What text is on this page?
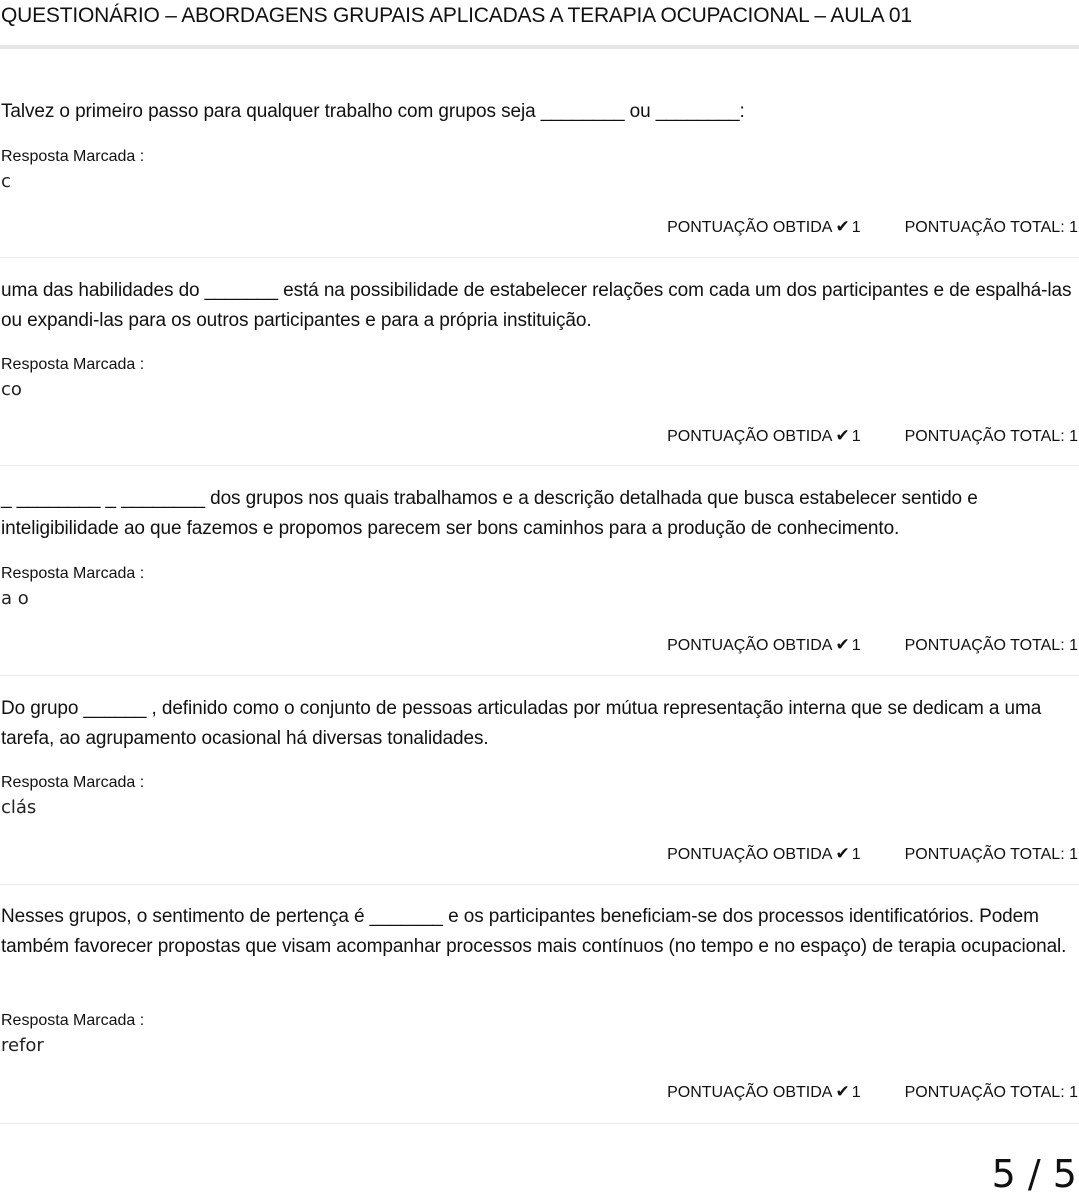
QUESTIONÁRIO – ABORDAGENS GRUPAIS APLICADAS A TERAPIA OCUPACIONAL – AULA 01
Talvez o primeiro passo para qualquer trabalho com grupos seja ________ ou ________:
Resposta Marcada :
c
PONTUAÇÃO OBTIDA ✔ 1	PONTUAÇÃO TOTAL: 1
uma das habilidades do _______ está na possibilidade de estabelecer relações com cada um dos participantes e de espalhá-las ou expandi-las para os outros participantes e para a própria instituição.
Resposta Marcada :
co
PONTUAÇÃO OBTIDA ✔ 1	PONTUAÇÃO TOTAL: 1
_ ________ _ ________ dos grupos nos quais trabalhamos e a descrição detalhada que busca estabelecer sentido e inteligibilidade ao que fazemos e propomos parecem ser bons caminhos para a produção de conhecimento.
Resposta Marcada :
a o
PONTUAÇÃO OBTIDA ✔ 1	PONTUAÇÃO TOTAL: 1
Do grupo ______ , definido como o conjunto de pessoas articuladas por mútua representação interna que se dedicam a uma tarefa, ao agrupamento ocasional há diversas tonalidades.
Resposta Marcada :
clás
PONTUAÇÃO OBTIDA ✔ 1	PONTUAÇÃO TOTAL: 1
Nesses grupos, o sentimento de pertença é _______ e os participantes beneficiam-se dos processos identificatórios. Podem também favorecer propostas que visam acompanhar processos mais contínuos (no tempo e no espaço) de terapia ocupacional.
Resposta Marcada :
refor
PONTUAÇÃO OBTIDA ✔ 1	PONTUAÇÃO TOTAL: 1
5 / 5
